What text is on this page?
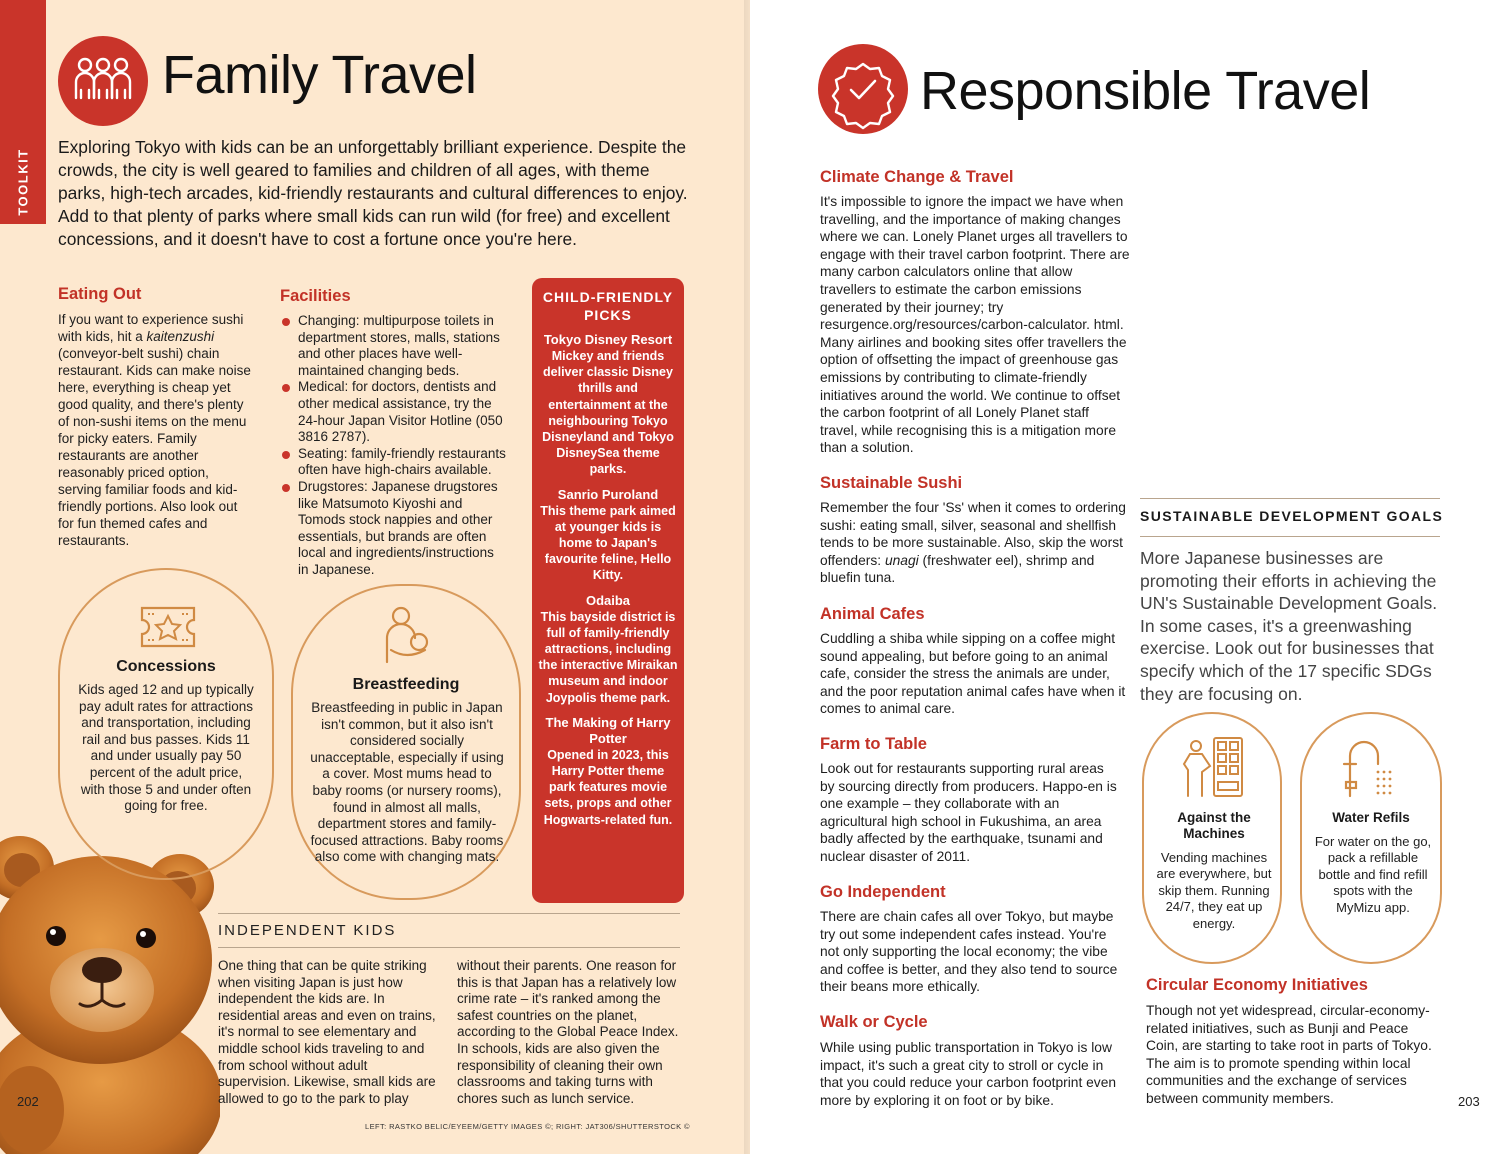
TOOLKIT
Family Travel

Exploring Tokyo with kids can be an unforgettably brilliant experience. Despite the crowds, the city is well geared to families and children of all ages, with theme parks, high-tech arcades, kid-friendly restaurants and cultural differences to enjoy. Add to that plenty of parks where small kids can run wild (for free) and excellent concessions, and it doesn't have to cost a fortune once you're here.

Eating Out
If you want to experience sushi with kids, hit a kaitenzushi (conveyor-belt sushi) chain restaurant. Kids can make noise here, everything is cheap yet good quality, and there's plenty of non-sushi items on the menu for picky eaters. Family restaurants are another reasonably priced option, serving familiar foods and kid-friendly portions. Also look out for fun themed cafes and restaurants.
Facilities
Changing: multipurpose toilets in department stores, malls, stations and other places have well-maintained changing beds.
Medical: for doctors, dentists and other medical assistance, try the 24-hour Japan Visitor Hotline (050 3816 2787).
Seating: family-friendly restaurants often have high-chairs available.
Drugstores: Japanese drugstores like Matsumoto Kiyoshi and Tomods stock nappies and other essentials, but brands are often local and ingredients/instructions in Japanese.
CHILD-FRIENDLY PICKS
Tokyo Disney Resort
Mickey and friends deliver classic Disney thrills and entertainment at the neighbouring Tokyo Disneyland and Tokyo DisneySea theme parks.
Sanrio Puroland
This theme park aimed at younger kids is home to Japan's favourite feline, Hello Kitty.
Odaiba
This bayside district is full of family-friendly attractions, including the interactive Miraikan museum and indoor Joypolis theme park.
The Making of Harry Potter
Opened in 2023, this Harry Potter theme park features movie sets, props and other Hogwarts-related fun.
Concessions
Kids aged 12 and up typically pay adult rates for attractions and transportation, including rail and bus passes. Kids 11 and under usually pay 50 percent of the adult price, with those 5 and under often going for free.
Breastfeeding
Breastfeeding in public in Japan isn't common, but it also isn't considered socially unacceptable, especially if using a cover. Most mums head to baby rooms (or nursery rooms), found in almost all malls, department stores and family-focused attractions. Baby rooms also come with changing mats.
INDEPENDENT KIDS
One thing that can be quite striking when visiting Japan is just how independent the kids are. In residential areas and even on trains, it's normal to see elementary and middle school kids traveling to and from school without adult supervision. Likewise, small kids are allowed to go to the park to play
without their parents. One reason for this is that Japan has a relatively low crime rate – it's ranked among the safest countries on the planet, according to the Global Peace Index. In schools, kids are also given the responsibility of cleaning their own classrooms and taking turns with chores such as lunch service.
202
LEFT: RASTKO BELIC/EYEEM/GETTY IMAGES ©; RIGHT: JAT306/SHUTTERSTOCK ©
Responsible Travel
Climate Change & Travel
It's impossible to ignore the impact we have when travelling, and the importance of making changes where we can. Lonely Planet urges all travellers to engage with their travel carbon footprint. There are many carbon calculators online that allow travellers to estimate the carbon emissions generated by their journey; try resurgence.org/resources/carbon-calculator. html. Many airlines and booking sites offer travellers the option of offsetting the impact of greenhouse gas emissions by contributing to climate-friendly initiatives around the world. We continue to offset the carbon footprint of all Lonely Planet staff travel, while recognising this is a mitigation more than a solution.
Sustainable Sushi
Remember the four 'Ss' when it comes to ordering sushi: eating small, silver, seasonal and shellfish tends to be more sustainable. Also, skip the worst offenders: unagi (freshwater eel), shrimp and bluefin tuna.
Animal Cafes
Cuddling a shiba while sipping on a coffee might sound appealing, but before going to an animal cafe, consider the stress the animals are under, and the poor reputation animal cafes have when it comes to animal care.
Farm to Table
Look out for restaurants supporting rural areas by sourcing directly from producers. Happo-en is one example – they collaborate with an agricultural high school in Fukushima, an area badly affected by the earthquake, tsunami and nuclear disaster of 2011.
Go Independent
There are chain cafes all over Tokyo, but maybe try out some independent cafes instead. You're not only supporting the local economy; the vibe and coffee is better, and they also tend to source their beans more ethically.
Walk or Cycle
While using public transportation in Tokyo is low impact, it's such a great city to stroll or cycle in that you could reduce your carbon footprint even more by exploring it on foot or by bike.
SUSTAINABLE DEVELOPMENT GOALS
More Japanese businesses are promoting their efforts in achieving the UN's Sustainable Development Goals. In some cases, it's a greenwashing exercise. Look out for businesses that specify which of the 17 specific SDGs they are focusing on.
Against the Machines
Vending machines are everywhere, but skip them. Running 24/7, they eat up energy.
Water Refils
For water on the go, pack a refillable bottle and find refill spots with the MyMizu app.
Circular Economy Initiatives
Though not yet widespread, circular-economy-related initiatives, such as Bunji and Peace Coin, are starting to take root in parts of Tokyo. The aim is to promote spending within local communities and the exchange of services between community members.	203
